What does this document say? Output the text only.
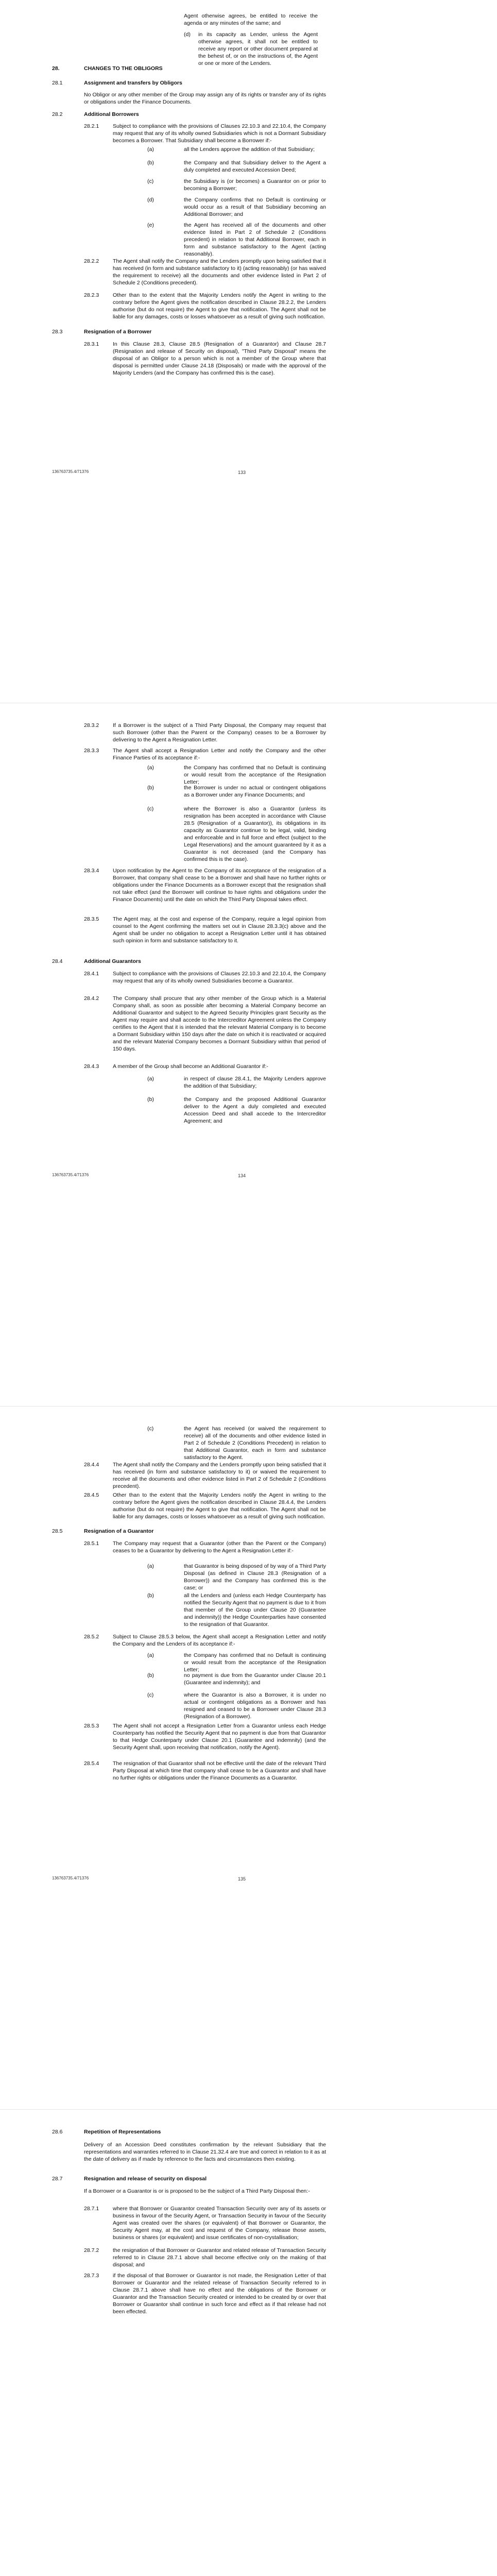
Agent otherwise agrees, be entitled to receive the agenda or any minutes of the same; and

(d) in its capacity as Lender, unless the Agent otherwise agrees, it shall not be entitled to receive any report or other document prepared at the behest of, or on the instructions of, the Agent or one or more of the Lenders.

28.	CHANGES TO THE OBLIGORS

28.1	Assignment and transfers by Obligors

No Obligor or any other member of the Group may assign any of its rights or transfer any of its rights or obligations under the Finance Documents.

28.2	Additional Borrowers

28.2.1	Subject to compliance with the provisions of Clauses 22.10.3 and 22.10.4, the Company may request that any of its wholly owned Subsidiaries which is not a Dormant Subsidiary becomes a Borrower. That Subsidiary shall become a Borrower if:-

(a)	all the Lenders approve the addition of that Subsidiary;

(b)	the Company and that Subsidiary deliver to the Agent a duly completed and executed Accession Deed;

(c)	the Subsidiary is (or becomes) a Guarantor on or prior to becoming a Borrower;

(d)	the Company confirms that no Default is continuing or would occur as a result of that Subsidiary becoming an Additional Borrower; and

(e)	the Agent has received all of the documents and other evidence listed in Part 2 of Schedule 2 (Conditions precedent) in relation to that Additional Borrower, each in form and substance satisfactory to the Agent (acting reasonably).

28.2.2	The Agent shall notify the Company and the Lenders promptly upon being satisfied that it has received (in form and substance satisfactory to it) (acting reasonably) (or has waived the requirement to receive) all the documents and other evidence listed in Part 2 of Schedule 2 (Conditions precedent).

28.2.3	Other than to the extent that the Majority Lenders notify the Agent in writing to the contrary before the Agent gives the notification described in Clause 28.2.2, the Lenders authorise (but do not require) the Agent to give that notification. The Agent shall not be liable for any damages, costs or losses whatsoever as a result of giving such notification.

28.3	Resignation of a Borrower

28.3.1	In this Clause 28.3, Clause 28.5 (Resignation of a Guarantor) and Clause 28.7 (Resignation and release of Security on disposal), "Third Party Disposal" means the disposal of an Obligor to a person which is not a member of the Group where that disposal is permitted under Clause 24.18 (Disposals) or made with the approval of the Majority Lenders (and the Company has confirmed this is the case).

136763735.4/71376	133

28.3.2	If a Borrower is the subject of a Third Party Disposal, the Company may request that such Borrower (other than the Parent or the Company) ceases to be a Borrower by delivering to the Agent a Resignation Letter.

28.3.3	The Agent shall accept a Resignation Letter and notify the Company and the other Finance Parties of its acceptance if:-

(a)	the Company has confirmed that no Default is continuing or would result from the acceptance of the Resignation Letter;

(b)	the Borrower is under no actual or contingent obligations as a Borrower under any Finance Documents; and

(c)	where the Borrower is also a Guarantor (unless its resignation has been accepted in accordance with Clause 28.5 (Resignation of a Guarantor)), its obligations in its capacity as Guarantor continue to be legal, valid, binding and enforceable and in full force and effect (subject to the Legal Reservations) and the amount guaranteed by it as a Guarantor is not decreased (and the Company has confirmed this is the case).

28.3.4	Upon notification by the Agent to the Company of its acceptance of the resignation of a Borrower, that company shall cease to be a Borrower and shall have no further rights or obligations under the Finance Documents as a Borrower except that the resignation shall not take effect (and the Borrower will continue to have rights and obligations under the Finance Documents) until the date on which the Third Party Disposal takes effect.

28.3.5	The Agent may, at the cost and expense of the Company, require a legal opinion from counsel to the Agent confirming the matters set out in Clause 28.3.3(c) above and the Agent shall be under no obligation to accept a Resignation Letter until it has obtained such opinion in form and substance satisfactory to it.

28.4	Additional Guarantors

28.4.1	Subject to compliance with the provisions of Clauses 22.10.3 and 22.10.4, the Company may request that any of its wholly owned Subsidiaries become a Guarantor.

28.4.2	The Company shall procure that any other member of the Group which is a Material Company shall, as soon as possible after becoming a Material Company become an Additional Guarantor and subject to the Agreed Security Principles grant Security as the Agent may require and shall accede to the Intercreditor Agreement unless the Company certifies to the Agent that it is intended that the relevant Material Company is to become a Dormant Subsidiary within 150 days after the date on which it is reactivated or acquired and the relevant Material Company becomes a Dormant Subsidiary within that period of 150 days.

28.4.3	A member of the Group shall become an Additional Guarantor if:-

(a)	in respect of clause 28.4.1, the Majority Lenders approve the addition of that Subsidiary;

(b)	the Company and the proposed Additional Guarantor deliver to the Agent a duly completed and executed Accession Deed and shall accede to the Intercreditor Agreement; and

136763735.4/71376	134

(c)	the Agent has received (or waived the requirement to receive) all of the documents and other evidence listed in Part 2 of Schedule 2 (Conditions Precedent) in relation to that Additional Guarantor, each in form and substance satisfactory to the Agent.

28.4.4	The Agent shall notify the Company and the Lenders promptly upon being satisfied that it has received (in form and substance satisfactory to it) or waived the requirement to receive all the documents and other evidence listed in Part 2 of Schedule 2 (Conditions precedent).

28.4.5	Other than to the extent that the Majority Lenders notify the Agent in writing to the contrary before the Agent gives the notification described in Clause 28.4.4, the Lenders authorise (but do not require) the Agent to give that notification. The Agent shall not be liable for any damages, costs or losses whatsoever as a result of giving such notification.

28.5	Resignation of a Guarantor

28.5.1	The Company may request that a Guarantor (other than the Parent or the Company) ceases to be a Guarantor by delivering to the Agent a Resignation Letter if:-

(a)	that Guarantor is being disposed of by way of a Third Party Disposal (as defined in Clause 28.3 (Resignation of a Borrower)) and the Company has confirmed this is the case; or

(b)	all the Lenders and (unless each Hedge Counterparty has notified the Security Agent that no payment is due to it from that member of the Group under Clause 20 (Guarantee and indemnity)) the Hedge Counterparties have consented to the resignation of that Guarantor.

28.5.2	Subject to Clause 28.5.3 below, the Agent shall accept a Resignation Letter and notify the Company and the Lenders of its acceptance if:-

(a)	the Company has confirmed that no Default is continuing or would result from the acceptance of the Resignation Letter;

(b)	no payment is due from the Guarantor under Clause 20.1 (Guarantee and indemnity); and

(c)	where the Guarantor is also a Borrower, it is under no actual or contingent obligations as a Borrower and has resigned and ceased to be a Borrower under Clause 28.3 (Resignation of a Borrower).

28.5.3	The Agent shall not accept a Resignation Letter from a Guarantor unless each Hedge Counterparty has notified the Security Agent that no payment is due from that Guarantor to that Hedge Counterparty under Clause 20.1 (Guarantee and indemnity) (and the Security Agent shall, upon receiving that notification, notify the Agent).

28.5.4	The resignation of that Guarantor shall not be effective until the date of the relevant Third Party Disposal at which time that company shall cease to be a Guarantor and shall have no further rights or obligations under the Finance Documents as a Guarantor.

136763735.4/71376	135

28.6	Repetition of Representations

Delivery of an Accession Deed constitutes confirmation by the relevant Subsidiary that the representations and warranties referred to in Clause 21.32.4 are true and correct in relation to it as at the date of delivery as if made by reference to the facts and circumstances then existing.

28.7	Resignation and release of security on disposal

If a Borrower or a Guarantor is or is proposed to be the subject of a Third Party Disposal then:-

28.7.1	where that Borrower or Guarantor created Transaction Security over any of its assets or business in favour of the Security Agent, or Transaction Security in favour of the Security Agent was created over the shares (or equivalent) of that Borrower or Guarantor, the Security Agent may, at the cost and request of the Company, release those assets, business or shares (or equivalent) and issue certificates of non-crystallisation;

28.7.2	the resignation of that Borrower or Guarantor and related release of Transaction Security referred to in Clause 28.7.1 above shall become effective only on the making of that disposal; and

28.7.3	if the disposal of that Borrower or Guarantor is not made, the Resignation Letter of that Borrower or Guarantor and the related release of Transaction Security referred to in Clause 28.7.1 above shall have no effect and the obligations of the Borrower or Guarantor and the Transaction Security created or intended to be created by or over that Borrower or Guarantor shall continue in such force and effect as if that release had not been effected.
